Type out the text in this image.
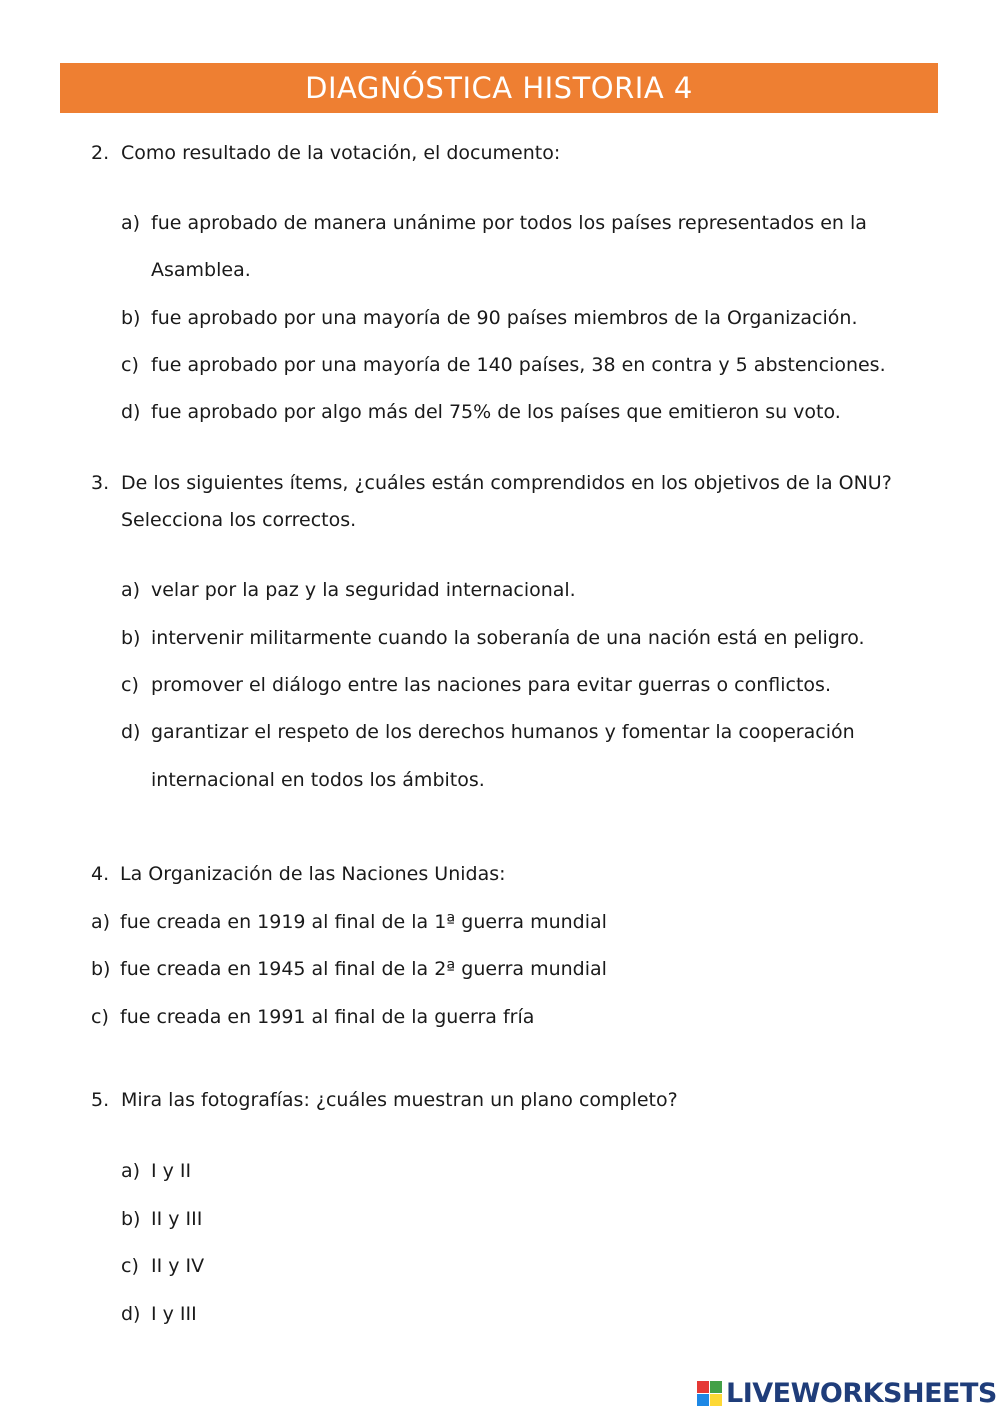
DIAGNÓSTICA HISTORIA 4
2. Como resultado de la votación, el documento:
a) fue aprobado de manera unánime por todos los países representados en la
Asamblea.
b) fue aprobado por una mayoría de 90 países miembros de la Organización.
c) fue aprobado por una mayoría de 140 países, 38 en contra y 5 abstenciones.
d) fue aprobado por algo más del 75% de los países que emitieron su voto.
3. De los siguientes ítems, ¿cuáles están comprendidos en los objetivos de la ONU?
Selecciona los correctos.
a) velar por la paz y la seguridad internacional.
b) intervenir militarmente cuando la soberanía de una nación está en peligro.
c) promover el diálogo entre las naciones para evitar guerras o conflictos.
d) garantizar el respeto de los derechos humanos y fomentar la cooperación
internacional en todos los ámbitos.
4. La Organización de las Naciones Unidas:
a) fue creada en 1919 al final de la 1ª guerra mundial
b) fue creada en 1945 al final de la 2ª guerra mundial
c) fue creada en 1991 al final de la guerra fría
5. Mira las fotografías: ¿cuáles muestran un plano completo?
a) I y II
b) II y III
c) II y IV
d) I y III
LIVEWORKSHEETS
